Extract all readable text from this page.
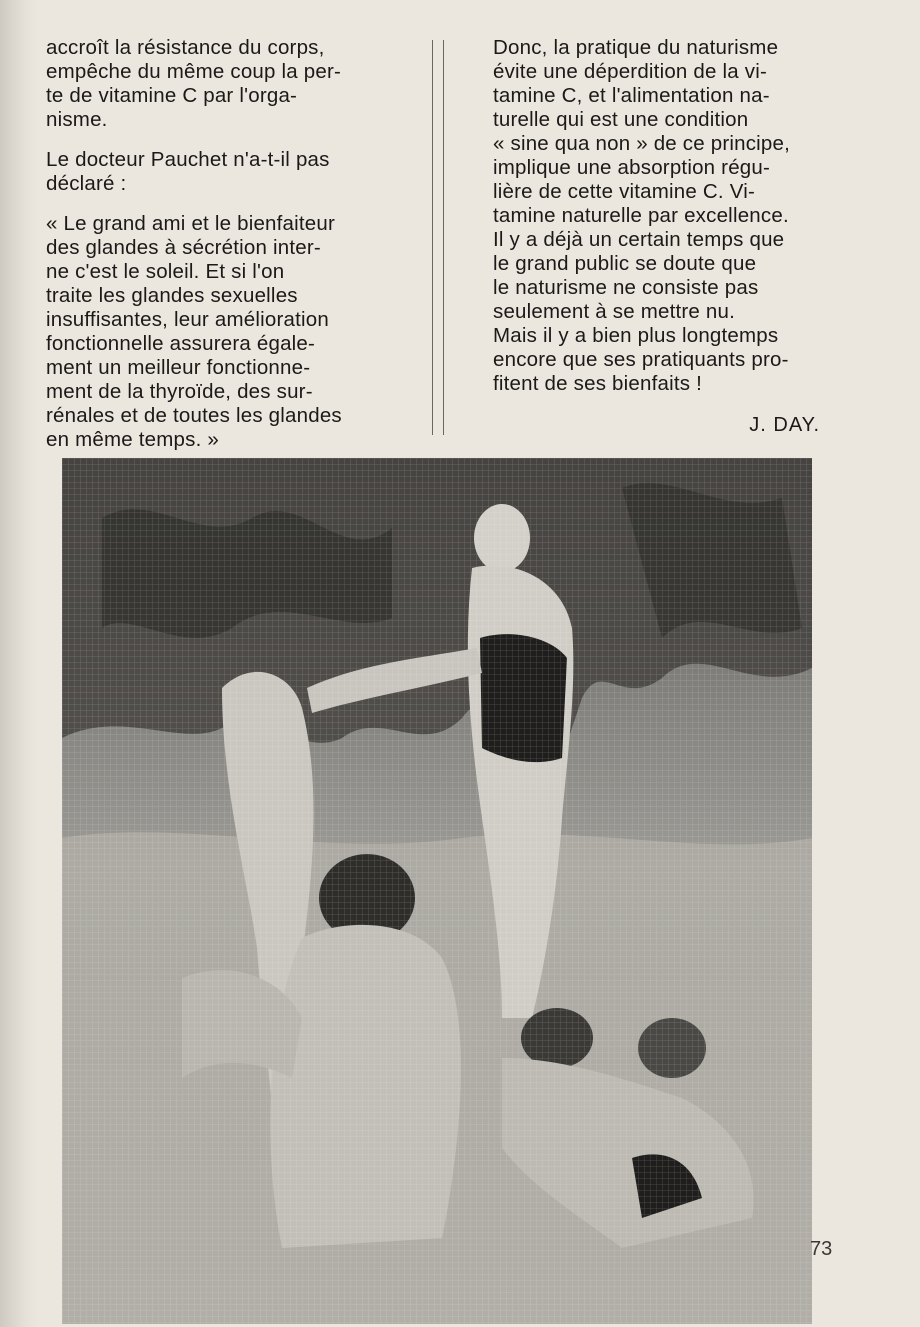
accroît la résistance du corps,
empêche du même coup la per-
te de vitamine C par l'orga-
nisme.

Le docteur Pauchet n'a-t-il pas
déclaré :

« Le grand ami et le bienfaiteur
des glandes à sécrétion inter-
ne c'est le soleil. Et si l'on
traite les glandes sexuelles
insuffisantes, leur amélioration
fonctionnelle assurera égale-
ment un meilleur fonctionne-
ment de la thyroïde, des sur-
rénales et de toutes les glandes
en même temps. »

Donc, la pratique du naturisme
évite une déperdition de la vi-
tamine C, et l'alimentation na-
turelle qui est une condition
« sine qua non » de ce principe,
implique une absorption régu-
lière de cette vitamine C. Vi-
tamine naturelle par excellence.
Il y a déjà un certain temps que
le grand public se doute que
le naturisme ne consiste pas
seulement à se mettre nu.
Mais il y a bien plus longtemps
encore que ses pratiquants pro-
fitent de ses bienfaits !

J. DAY.
73
